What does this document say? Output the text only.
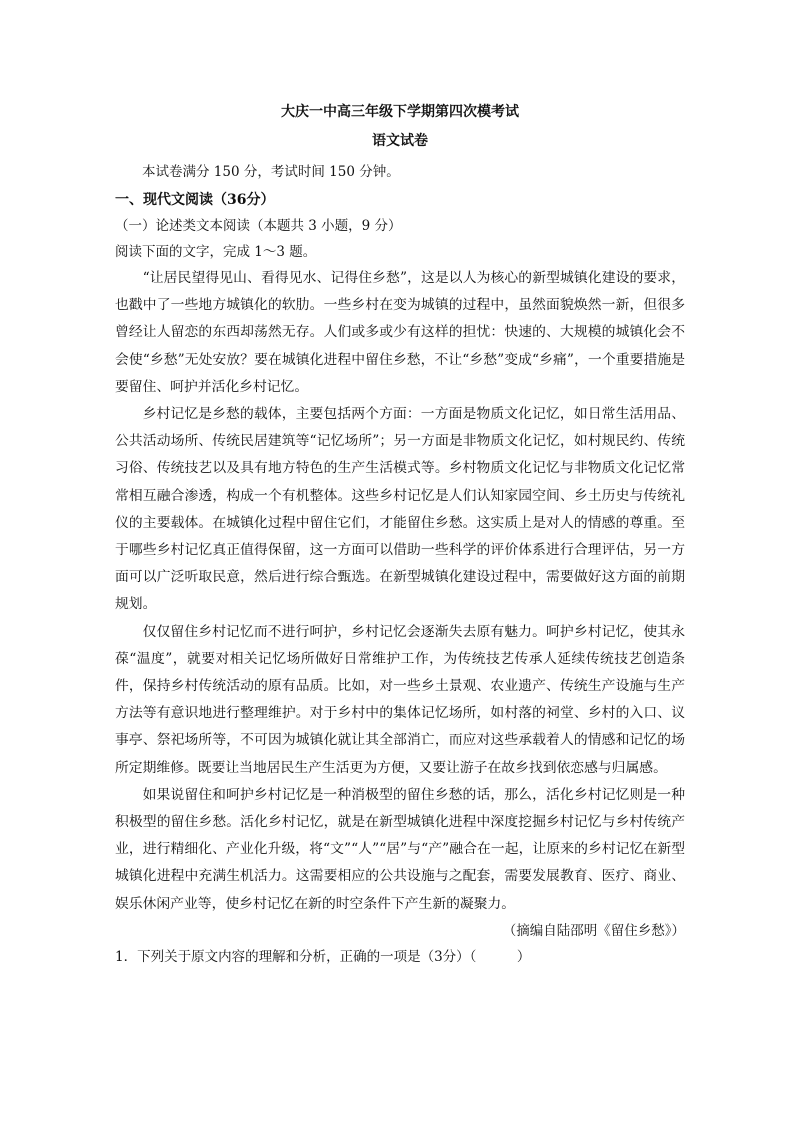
大庆一中高三年级下学期第四次模考试
语文试卷

本试卷满分 150 分，考试时间 150 分钟。

一、现代文阅读（36分）

（一）论述类文本阅读（本题共 3 小题，9 分）

阅读下面的文字，完成 1～3 题。

“让居民望得见山、看得见水、记得住乡愁”，这是以人为核心的新型城镇化建设的要求，也戳中了一些地方城镇化的软肋。一些乡村在变为城镇的过程中，虽然面貌焕然一新，但很多曾经让人留恋的东西却荡然无存。人们或多或少有这样的担忧：快速的、大规模的城镇化会不会使“乡愁”无处安放？要在城镇化进程中留住乡愁，不让“乡愁”变成“乡痛”，一个重要措施是要留住、呵护并活化乡村记忆。

乡村记忆是乡愁的载体，主要包括两个方面：一方面是物质文化记忆，如日常生活用品、公共活动场所、传统民居建筑等“记忆场所”；另一方面是非物质文化记忆，如村规民约、传统习俗、传统技艺以及具有地方特色的生产生活模式等。乡村物质文化记忆与非物质文化记忆常常相互融合渗透，构成一个有机整体。这些乡村记忆是人们认知家园空间、乡土历史与传统礼仪的主要载体。在城镇化过程中留住它们，才能留住乡愁。这实质上是对人的情感的尊重。至于哪些乡村记忆真正值得保留，这一方面可以借助一些科学的评价体系进行合理评估，另一方面可以广泛听取民意，然后进行综合甄选。在新型城镇化建设过程中，需要做好这方面的前期规划。

仅仅留住乡村记忆而不进行呵护，乡村记忆会逐渐失去原有魅力。呵护乡村记忆，使其永葆“温度”，就要对相关记忆场所做好日常维护工作，为传统技艺传承人延续传统技艺创造条件，保持乡村传统活动的原有品质。比如，对一些乡土景观、农业遗产、传统生产设施与生产方法等有意识地进行整理维护。对于乡村中的集体记忆场所，如村落的祠堂、乡村的入口、议事亭、祭祀场所等，不可因为城镇化就让其全部消亡，而应对这些承载着人的情感和记忆的场所定期维修。既要让当地居民生产生活更为方便，又要让游子在故乡找到依恋感与归属感。

如果说留住和呵护乡村记忆是一种消极型的留住乡愁的话，那么，活化乡村记忆则是一种积极型的留住乡愁。活化乡村记忆，就是在新型城镇化进程中深度挖掘乡村记忆与乡村传统产业，进行精细化、产业化升级，将“文”“人”“居”与“产”融合在一起，让原来的乡村记忆在新型城镇化进程中充满生机活力。这需要相应的公共设施与之配套，需要发展教育、医疗、商业、娱乐休闲产业等，使乡村记忆在新的时空条件下产生新的凝聚力。

（摘编自陆邵明《留住乡愁》）

1．下列关于原文内容的理解和分析，正确的一项是（3分）（　　　）
